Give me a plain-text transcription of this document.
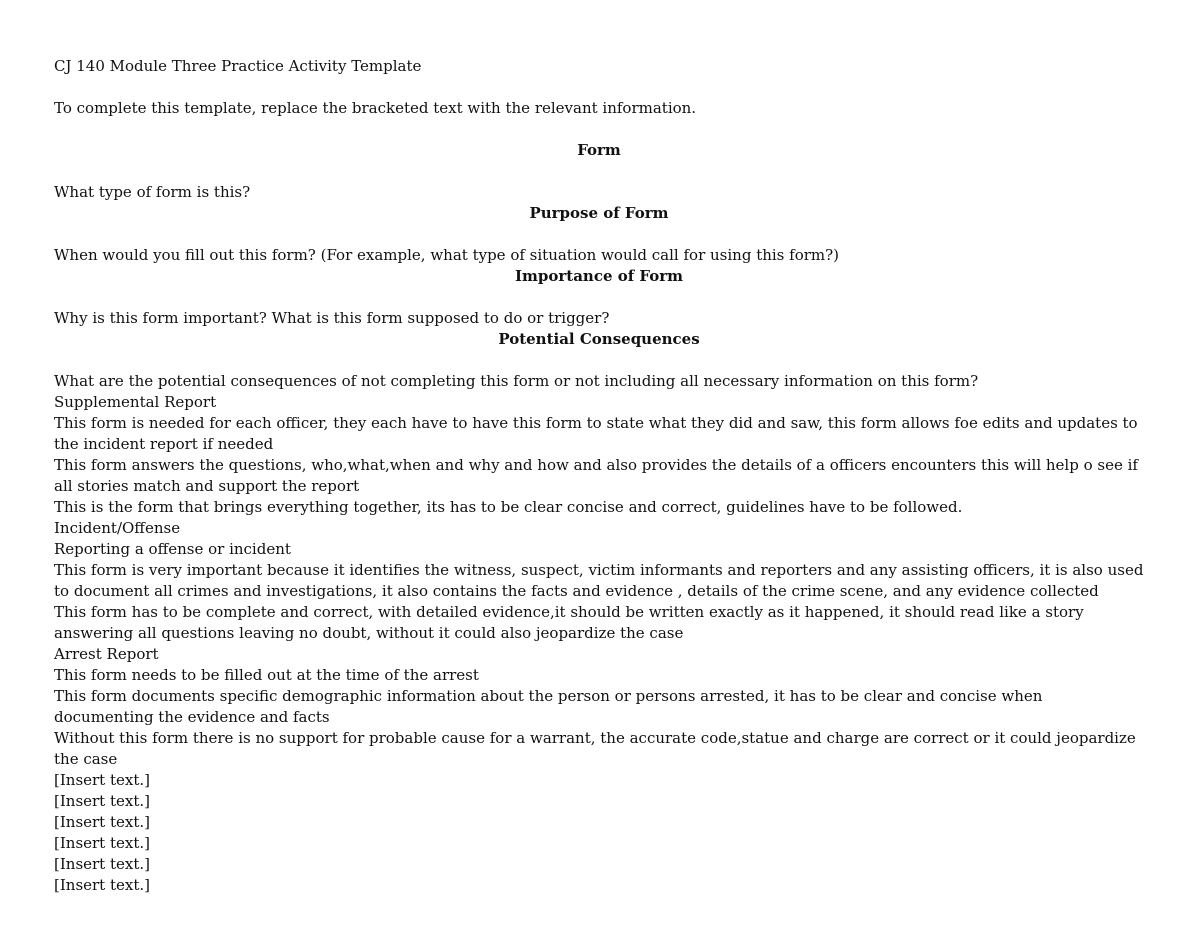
CJ 140 Module Three Practice Activity Template
To complete this template, replace the bracketed text with the relevant information.
Form
What type of form is this?
Purpose of Form
When would you fill out this form? (For example, what type of situation would call for using this form?)
Importance of Form
Why is this form important? What is this form supposed to do or trigger?
Potential Consequences
What are the potential consequences of not completing this form or not including all necessary information on this form?
Supplemental Report
This form is needed for each officer, they each have to have this form to state what they did and saw, this form allows foe edits and updates to the incident report if needed
This form answers the questions, who,what,when and why and how and also provides the details of a officers encounters this will help o see if all stories match and support the report
This is the form that brings everything together, its has to be clear concise and correct, guidelines have to be followed.
Incident/Offense
Reporting a offense or incident
This form is very important because it identifies the witness, suspect, victim informants and reporters and any assisting officers, it is also used to document all crimes and investigations, it also contains the facts and evidence , details of the crime scene, and any evidence collected
This form has to be complete and correct, with detailed evidence,it should be written exactly as it happened, it should read like a story answering all questions leaving no doubt, without it could also jeopardize the case
Arrest Report
This form needs to be filled out at the time of the arrest
This form documents specific demographic information about the person or persons arrested, it has to be clear and concise when documenting the evidence and facts
Without this form there is no support for probable cause for a warrant, the accurate code,statue and charge are correct or it could jeopardize the case
[Insert text.]
[Insert text.]
[Insert text.]
[Insert text.]
[Insert text.]
[Insert text.]
